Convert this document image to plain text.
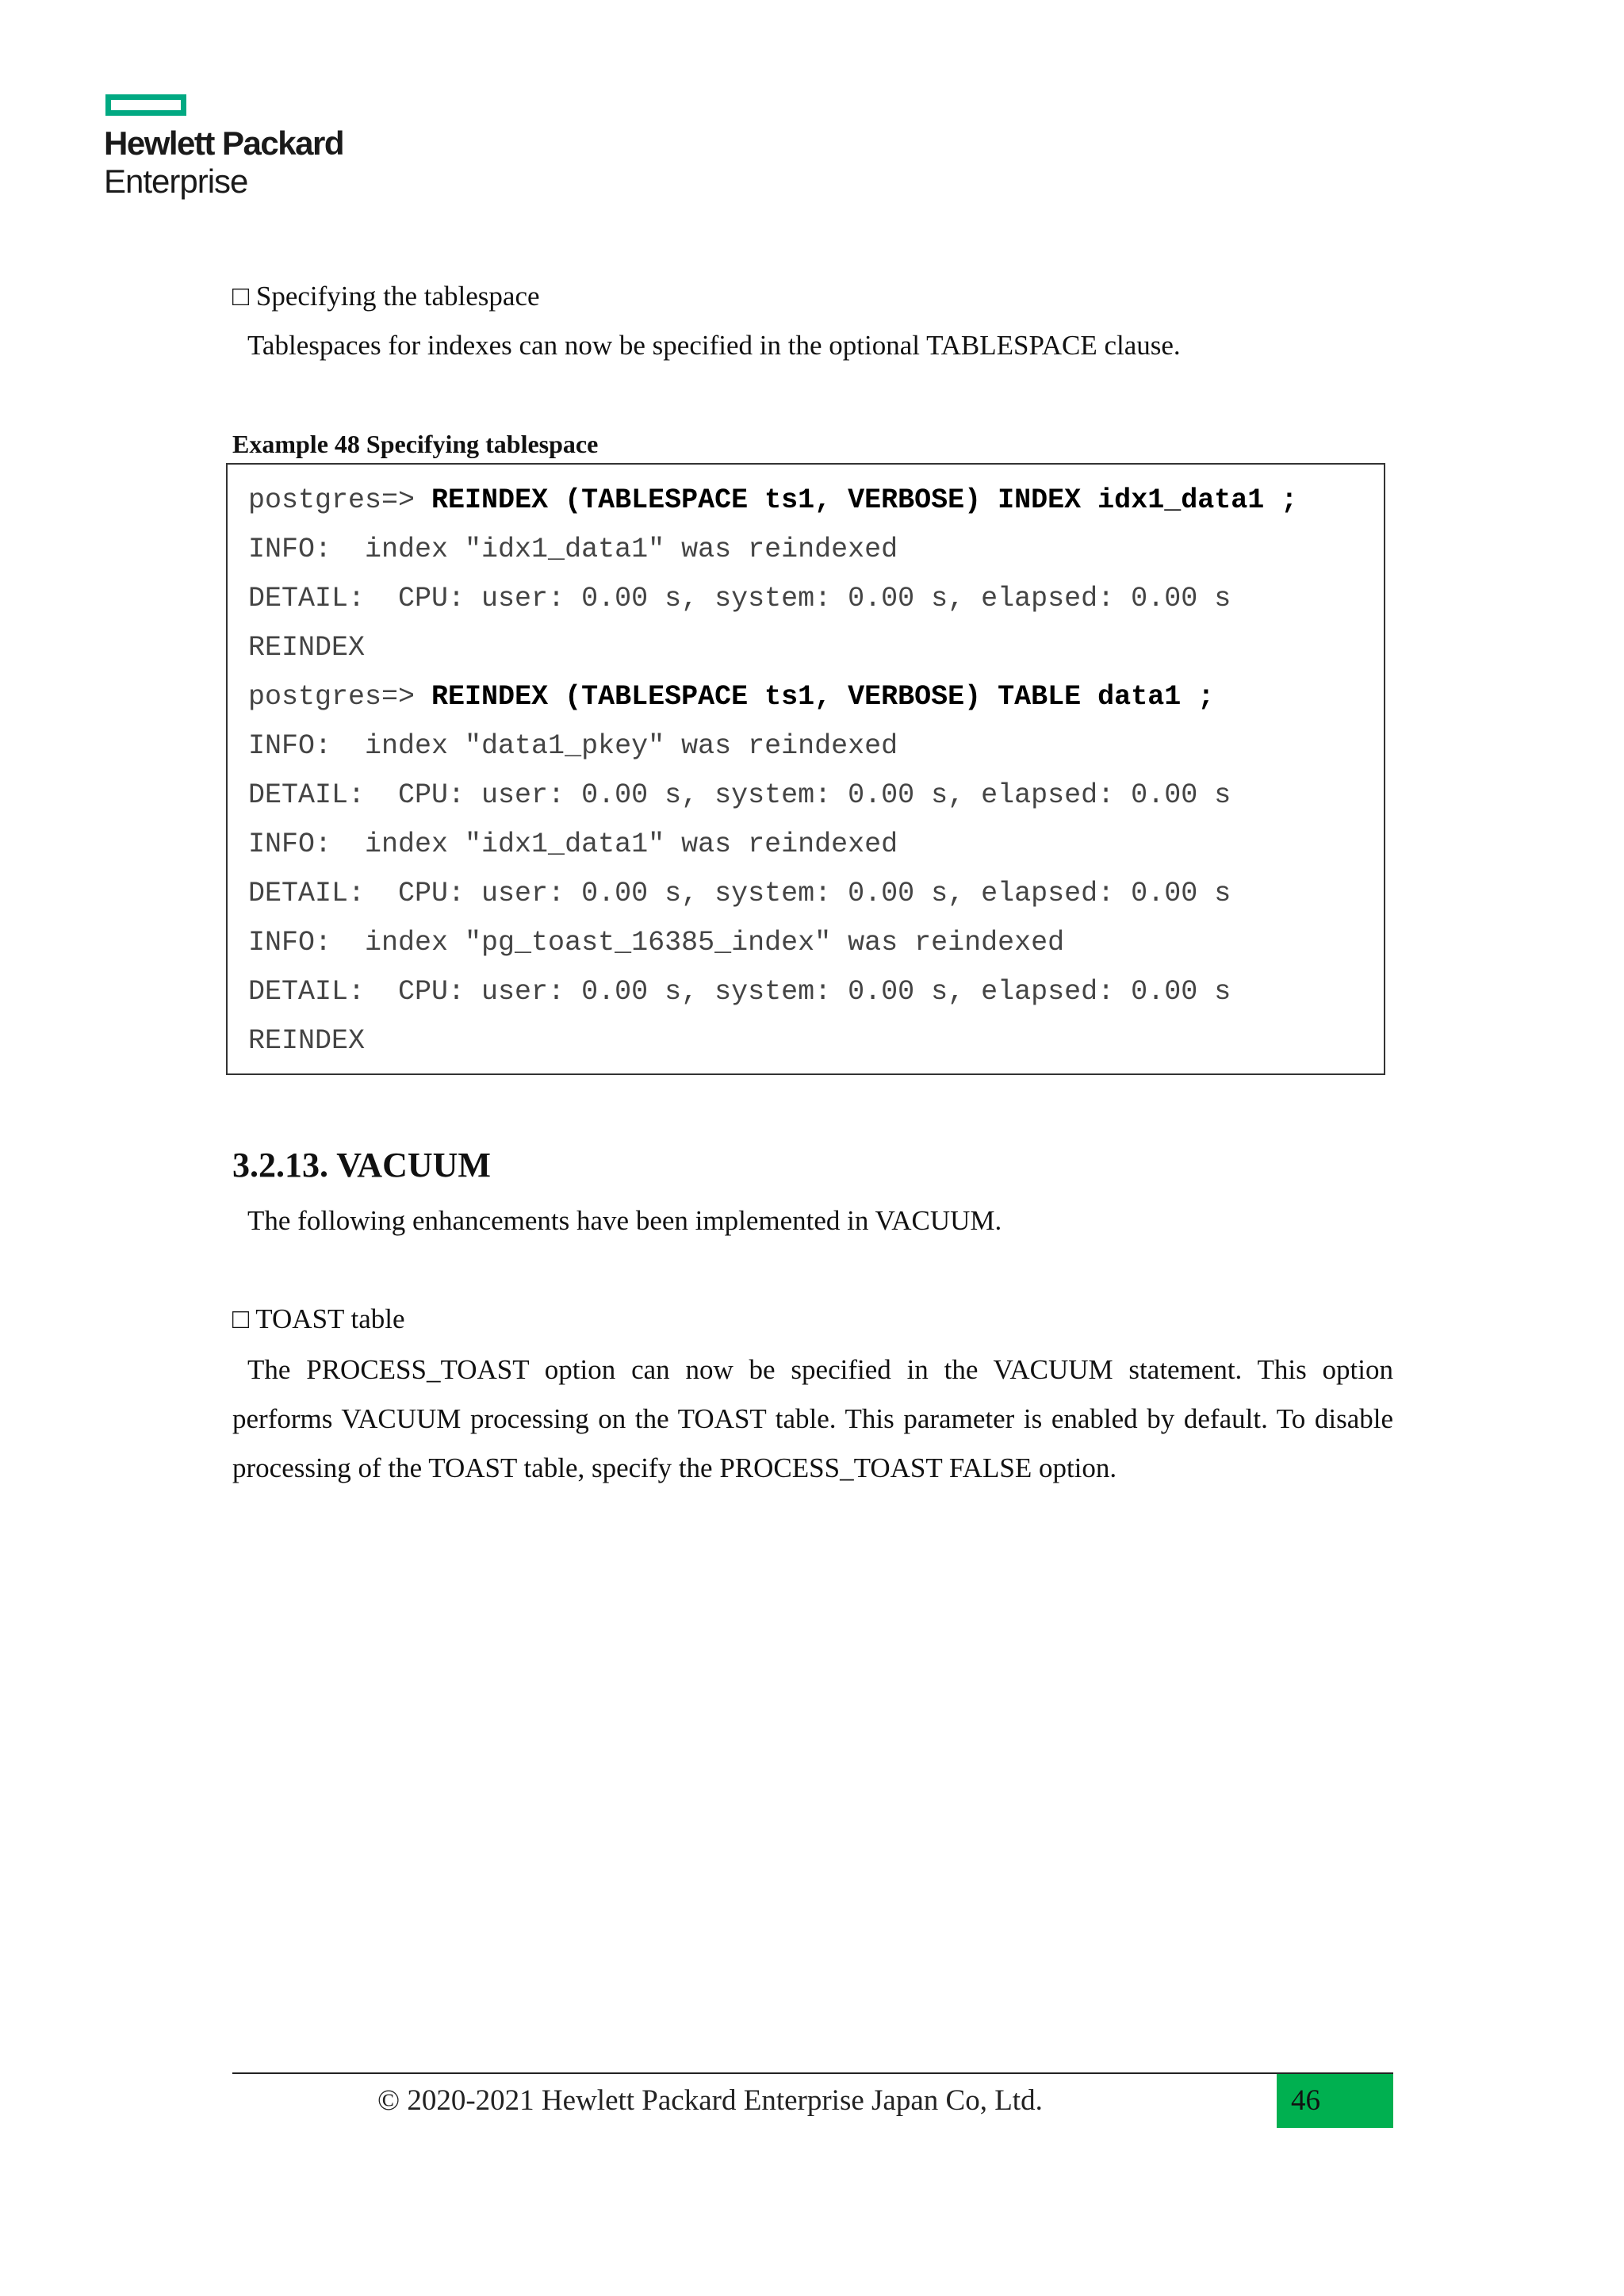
Hewlett Packard
Enterprise
□ Specifying the tablespace
Tablespaces for indexes can now be specified in the optional TABLESPACE clause.
Example 48 Specifying tablespace
postgres=> REINDEX (TABLESPACE ts1, VERBOSE) INDEX idx1_data1 ;
INFO:  index "idx1_data1" was reindexed
DETAIL:  CPU: user: 0.00 s, system: 0.00 s, elapsed: 0.00 s
REINDEX
postgres=> REINDEX (TABLESPACE ts1, VERBOSE) TABLE data1 ;
INFO:  index "data1_pkey" was reindexed
DETAIL:  CPU: user: 0.00 s, system: 0.00 s, elapsed: 0.00 s
INFO:  index "idx1_data1" was reindexed
DETAIL:  CPU: user: 0.00 s, system: 0.00 s, elapsed: 0.00 s
INFO:  index "pg_toast_16385_index" was reindexed
DETAIL:  CPU: user: 0.00 s, system: 0.00 s, elapsed: 0.00 s
REINDEX
3.2.13. VACUUM
The following enhancements have been implemented in VACUUM.
□ TOAST table
The PROCESS_TOAST option can now be specified in the VACUUM statement. This option performs VACUUM processing on the TOAST table. This parameter is enabled by default. To disable processing of the TOAST table, specify the PROCESS_TOAST FALSE option.
© 2020-2021 Hewlett Packard Enterprise Japan Co, Ltd.	46
